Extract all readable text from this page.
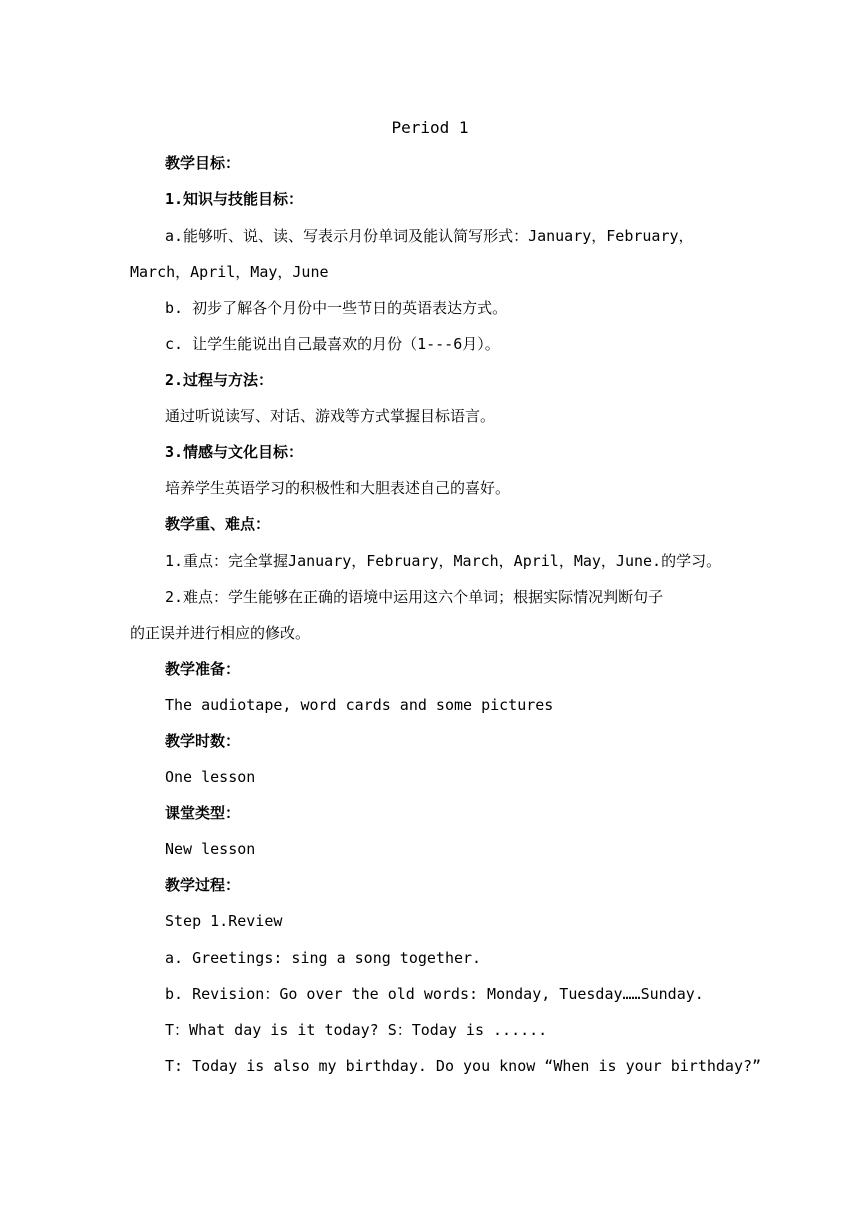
Period 1
教学目标：
1.知识与技能目标：
a.能够听、说、读、写表示月份单词及能认简写形式：January，February，
March，April，May，June
b. 初步了解各个月份中一些节日的英语表达方式。
c. 让学生能说出自己最喜欢的月份（1---6月）。
2.过程与方法：
通过听说读写、对话、游戏等方式掌握目标语言。
3.情感与文化目标：
培养学生英语学习的积极性和大胆表述自己的喜好。
教学重、难点：
1.重点：完全掌握January，February，March，April，May，June.的学习。
2.难点：学生能够在正确的语境中运用这六个单词；根据实际情况判断句子
的正误并进行相应的修改。
教学准备：
The audiotape, word cards and some pictures
教学时数：
One lesson
课堂类型：
New lesson
教学过程：
Step 1.Review
a. Greetings: sing a song together.
b. Revision：Go over the old words: Monday, Tuesday……Sunday.
T：What day is it today? S：Today is ......
T: Today is also my birthday. Do you know “When is your birthday?”
